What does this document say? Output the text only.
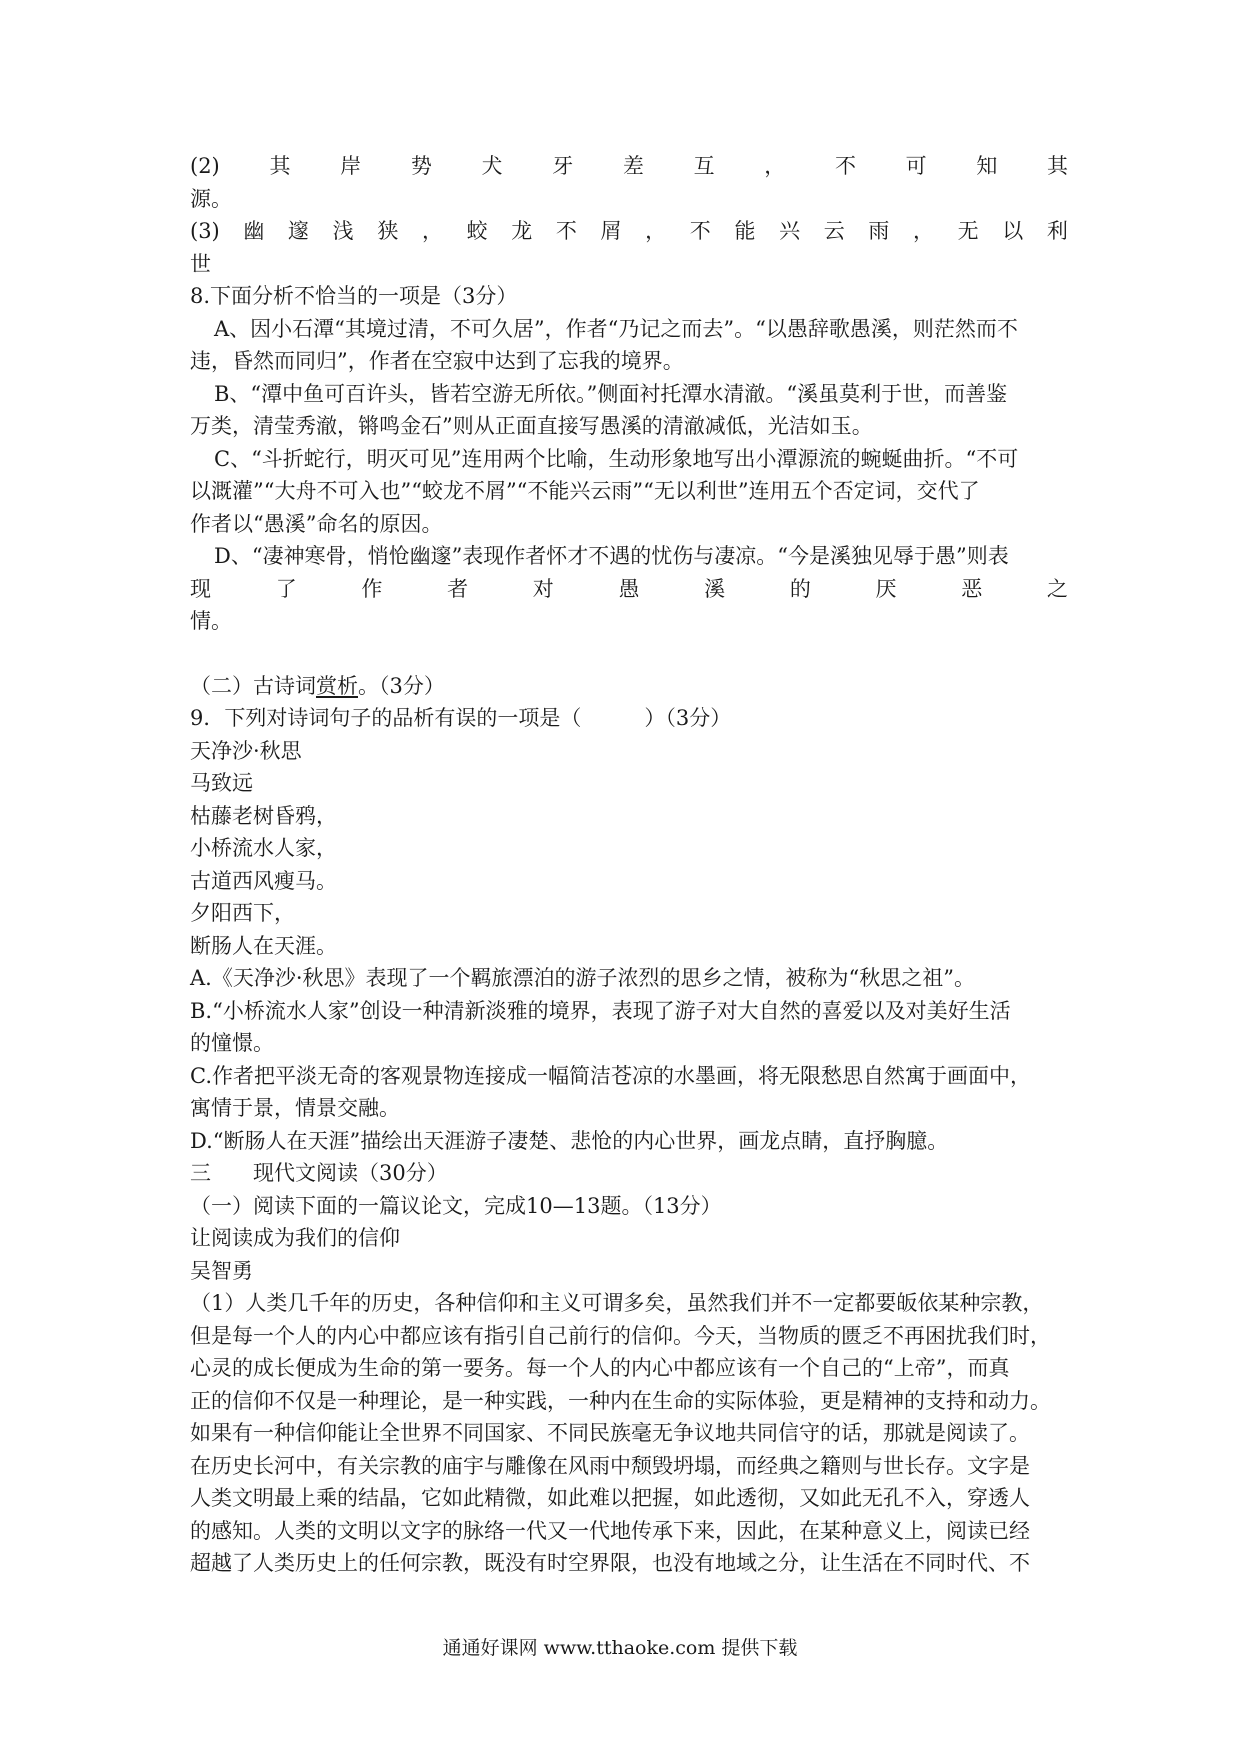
(2) 其 岸 势 犬 牙 差 互 ， 不 可 知 其
源。
(3) 幽 邃 浅 狭 ， 蛟 龙 不 屑 ， 不 能 兴 云 雨 ， 无 以 利
世
8.下面分析不恰当的一项是（3分）
A、因小石潭“其境过清，不可久居”，作者“乃记之而去”。“以愚辞歌愚溪，则茫然而不
违，昏然而同归”，作者在空寂中达到了忘我的境界。
B、“潭中鱼可百许头，皆若空游无所依。”侧面衬托潭水清澈。“溪虽莫利于世，而善鉴
万类，清莹秀澈，锵鸣金石”则从正面直接写愚溪的清澈减低，光洁如玉。
C、“斗折蛇行，明灭可见”连用两个比喻，生动形象地写出小潭源流的蜿蜒曲折。“不可
以溉灌”“大舟不可入也”“蛟龙不屑”“不能兴云雨”“无以利世”连用五个否定词，交代了
作者以“愚溪”命名的原因。
D、“凄神寒骨，悄怆幽邃”表现作者怀才不遇的忧伤与凄凉。“今是溪独见辱于愚”则表
现	了	作	者	对	愚	溪	的	厌	恶	之
情。
（二）古诗词赏析。（3分）
9．下列对诗词句子的品析有误的一项是（　　　）（3分）
天净沙·秋思
马致远
枯藤老树昏鸦，
小桥流水人家，
古道西风瘦马。
夕阳西下，
断肠人在天涯。
A.《天净沙·秋思》表现了一个羁旅漂泊的游子浓烈的思乡之情，被称为“秋思之祖”。
B.“小桥流水人家”创设一种清新淡雅的境界，表现了游子对大自然的喜爱以及对美好生活
的憧憬。
C.作者把平淡无奇的客观景物连接成一幅简洁苍凉的水墨画，将无限愁思自然寓于画面中，
寓情于景，情景交融。
D.“断肠人在天涯”描绘出天涯游子凄楚、悲怆的内心世界，画龙点睛，直抒胸臆。
三　　现代文阅读（30分）
（一）阅读下面的一篇议论文，完成10—13题。（13分）
让阅读成为我们的信仰
吴智勇
（1）人类几千年的历史，各种信仰和主义可谓多矣，虽然我们并不一定都要皈依某种宗教，
但是每一个人的内心中都应该有指引自己前行的信仰。今天，当物质的匮乏不再困扰我们时，
心灵的成长便成为生命的第一要务。每一个人的内心中都应该有一个自己的“上帝”，而真
正的信仰不仅是一种理论，是一种实践，一种内在生命的实际体验，更是精神的支持和动力。
如果有一种信仰能让全世界不同国家、不同民族毫无争议地共同信守的话，那就是阅读了。
在历史长河中，有关宗教的庙宇与雕像在风雨中颓毁坍塌，而经典之籍则与世长存。文字是
人类文明最上乘的结晶，它如此精微，如此难以把握，如此透彻，又如此无孔不入，穿透人
的感知。人类的文明以文字的脉络一代又一代地传承下来，因此，在某种意义上，阅读已经
超越了人类历史上的任何宗教，既没有时空界限，也没有地域之分，让生活在不同时代、不
通通好课网 www.tthaoke.com 提供下载
